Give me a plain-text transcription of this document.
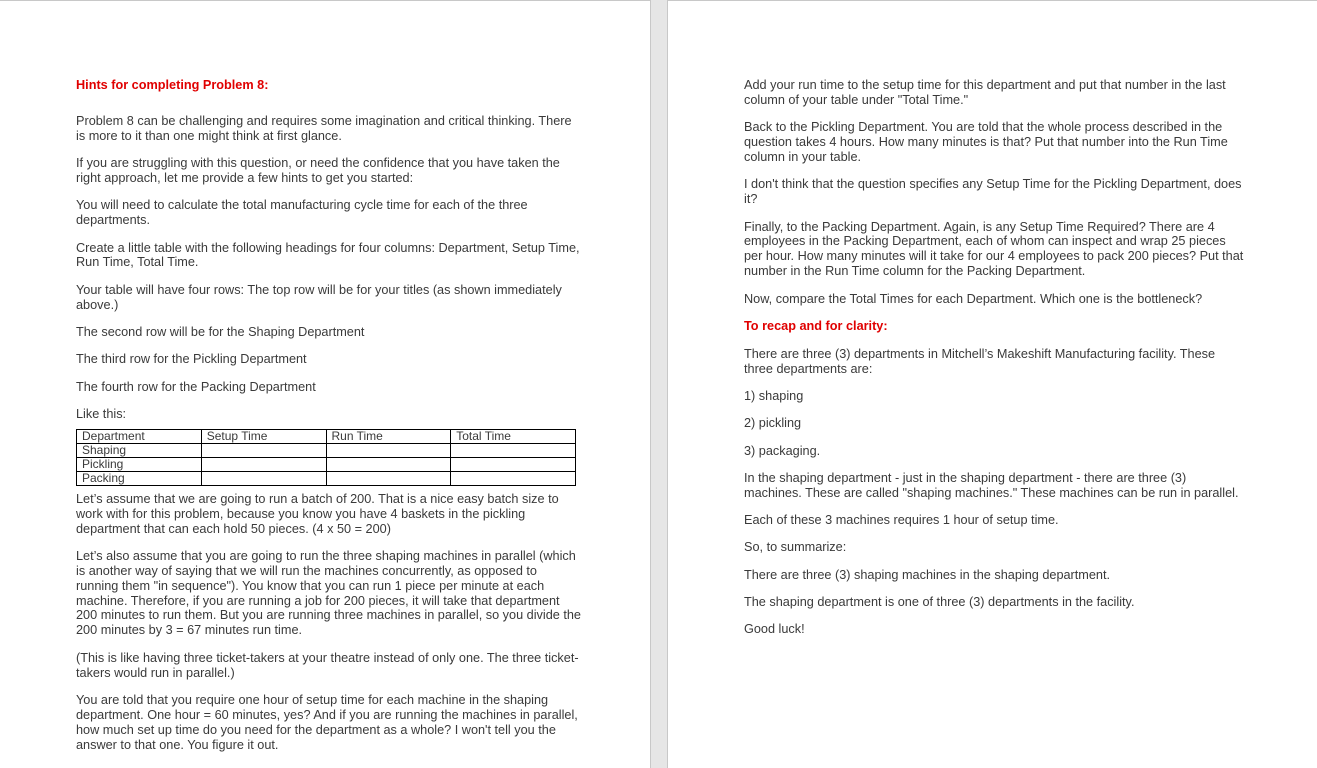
Hints for completing Problem 8:

Problem 8 can be challenging and requires some imagination and critical thinking. There is more to it than one might think at first glance.

If you are struggling with this question, or need the confidence that you have taken the right approach, let me provide a few hints to get you started:

You will need to calculate the total manufacturing cycle time for each of the three departments.

Create a little table with the following headings for four columns: Department, Setup Time, Run Time, Total Time.

Your table will have four rows: The top row will be for your titles (as shown immediately above.)

The second row will be for the Shaping Department

The third row for the Pickling Department

The fourth row for the Packing Department

Like this:

Department	Setup Time	Run Time	Total Time
Shaping			
Pickling			
Packing			

Let’s assume that we are going to run a batch of 200. That is a nice easy batch size to work with for this problem, because you know you have 4 baskets in the pickling department that can each hold 50 pieces. (4 x 50 = 200)

Let’s also assume that you are going to run the three shaping machines in parallel (which is another way of saying that we will run the machines concurrently, as opposed to running them "in sequence"). You know that you can run 1 piece per minute at each machine. Therefore, if you are running a job for 200 pieces, it will take that department 200 minutes to run them. But you are running three machines in parallel, so you divide the 200 minutes by 3 = 67 minutes run time.

(This is like having three ticket-takers at your theatre instead of only one. The three ticket-takers would run in parallel.)

You are told that you require one hour of setup time for each machine in the shaping department. One hour = 60 minutes, yes? And if you are running the machines in parallel, how much set up time do you need for the department as a whole? I won't tell you the answer to that one. You figure it out.

Add your run time to the setup time for this department and put that number in the last column of your table under "Total Time."

Back to the Pickling Department. You are told that the whole process described in the question takes 4 hours. How many minutes is that? Put that number into the Run Time column in your table.

I don't think that the question specifies any Setup Time for the Pickling Department, does it?

Finally, to the Packing Department. Again, is any Setup Time Required? There are 4 employees in the Packing Department, each of whom can inspect and wrap 25 pieces per hour. How many minutes will it take for our 4 employees to pack 200 pieces? Put that number in the Run Time column for the Packing Department.

Now, compare the Total Times for each Department. Which one is the bottleneck?

To recap and for clarity:

There are three (3) departments in Mitchell’s Makeshift Manufacturing facility. These three departments are:

1) shaping

2) pickling

3) packaging.

In the shaping department - just in the shaping department - there are three (3) machines. These are called "shaping machines." These machines can be run in parallel.

Each of these 3 machines requires 1 hour of setup time.

So, to summarize:

There are three (3) shaping machines in the shaping department.

The shaping department is one of three (3) departments in the facility.

Good luck!
